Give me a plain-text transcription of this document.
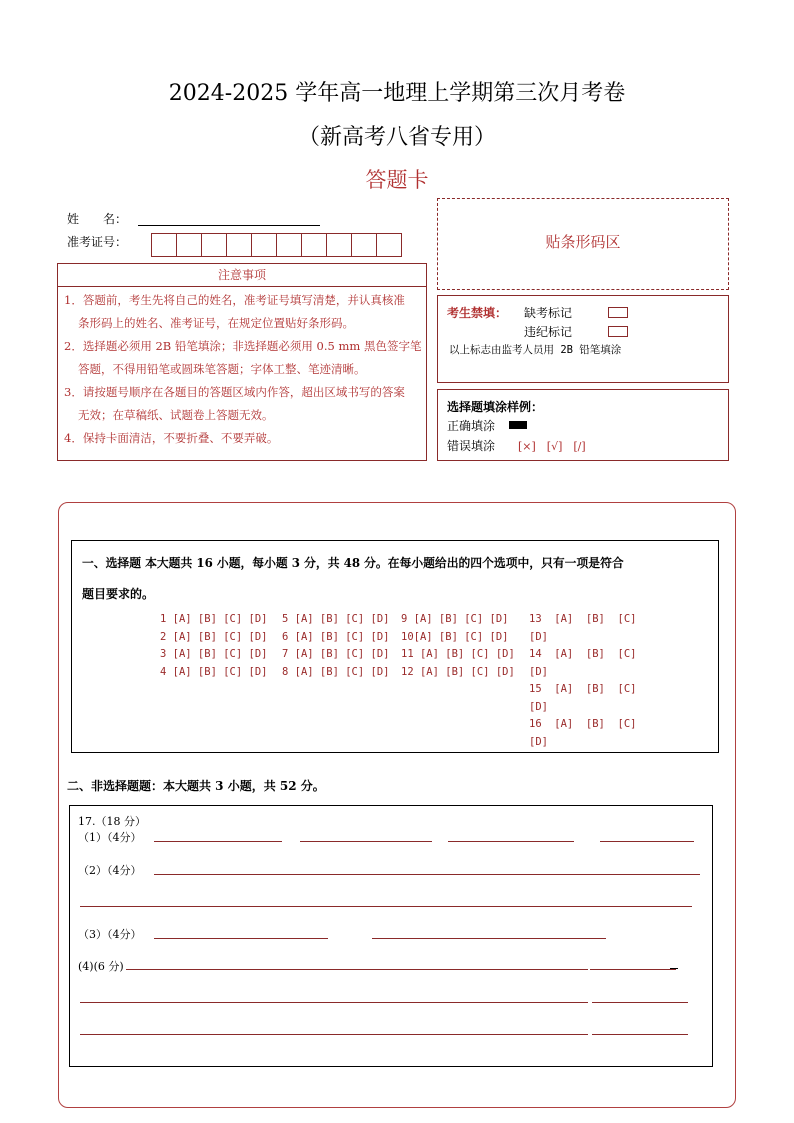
2024-2025 学年高一地理上学期第三次月考卷
（新高考八省专用）
答题卡
姓　　名：
准考证号：	贴条形码区
注意事项
1．答题前，考生先将自己的姓名，准考证号填写清楚，并认真核准
条形码上的姓名、准考证号，在规定位置贴好条形码。
2．选择题必须用 2B 铅笔填涂；非选择题必须用 0.5 mm 黑色签字笔
答题，不得用铅笔或圆珠笔答题；字体工整、笔迹清晰。
3．请按题号顺序在各题目的答题区域内作答，超出区域书写的答案
无效；在草稿纸、试题卷上答题无效。
4．保持卡面清洁，不要折叠、不要弄破。
考生禁填： 缺考标记
违纪标记
以上标志由监考人员用 2B 铅笔填涂
选择题填涂样例：
正确填涂
错误填涂 [×]　[√]　[/]
一、选择题 本大题共 16 小题，每小题 3 分，共 48 分。在每小题给出的四个选项中，只有一项是符合
题目要求的。
1 [A] [B] [C] [D]
2 [A] [B] [C] [D]
3 [A] [B] [C] [D]
4 [A] [B] [C] [D]
5 [A] [B] [C] [D]
6 [A] [B] [C] [D]
7 [A] [B] [C] [D]
8 [A] [B] [C] [D]
9 [A] [B] [C] [D]
10[A] [B] [C] [D]
11 [A] [B] [C] [D]
12 [A] [B] [C] [D]
13  [A]  [B]  [C]
[D]
14  [A]  [B]  [C]
[D]
15  [A]  [B]  [C]
[D]
16  [A]  [B]  [C]
[D]
二、非选择题题：本大题共 3 小题，共 52 分。
17.（18 分）
（1）（4分）
（2）（4分）
（3）（4分）
(4)(6 分)
